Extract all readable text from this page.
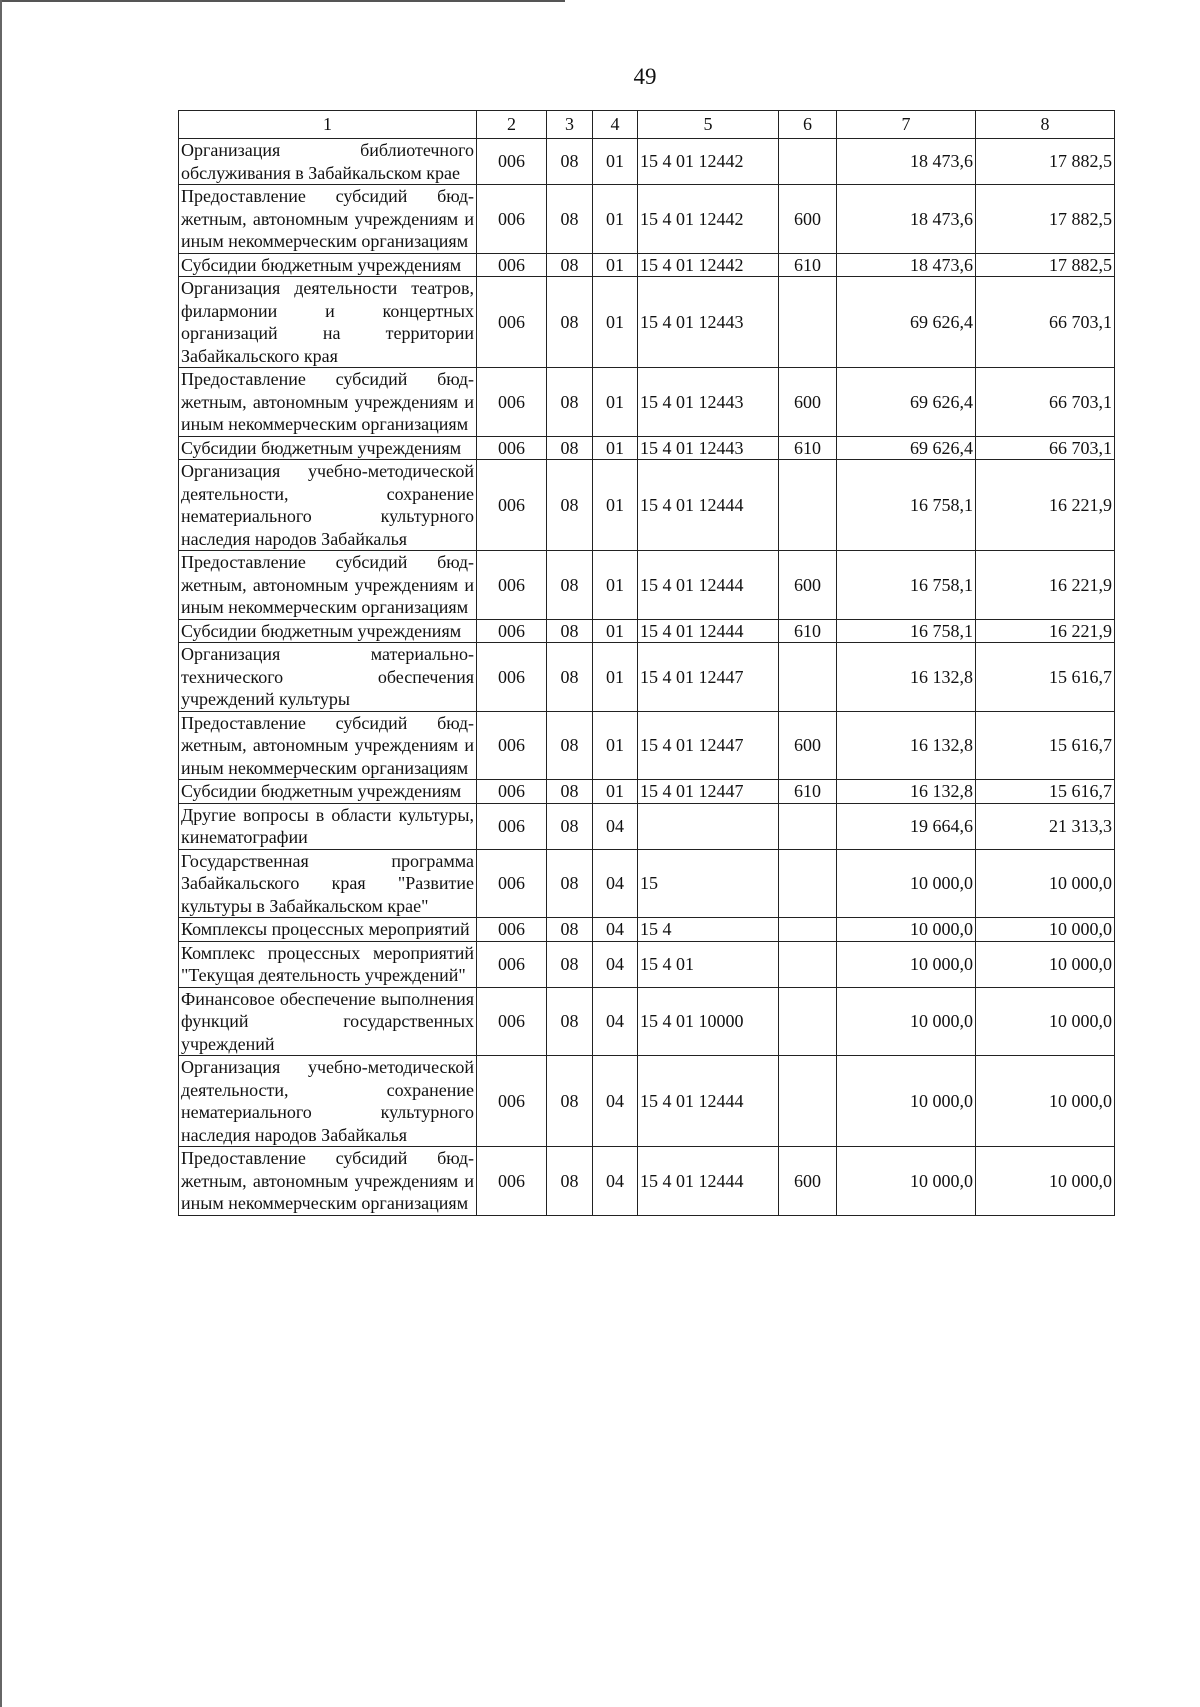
49
1	2	3	4	5	6	7	8
Организация библиотечного обслуживания в Забайкальском крае	006	08	01	15 4 01 12442		18 473,6	17 882,5
Предоставление субсидий бюджетным, автономным учреждениям и иным некоммерческим организациям	006	08	01	15 4 01 12442	600	18 473,6	17 882,5
Субсидии бюджетным учреждениям	006	08	01	15 4 01 12442	610	18 473,6	17 882,5
Организация деятельности театров, филармонии и концертных организаций на территории Забайкальского края	006	08	01	15 4 01 12443		69 626,4	66 703,1
Предоставление субсидий бюджетным, автономным учреждениям и иным некоммерческим организациям	006	08	01	15 4 01 12443	600	69 626,4	66 703,1
Субсидии бюджетным учреждениям	006	08	01	15 4 01 12443	610	69 626,4	66 703,1
Организация учебно-методической деятельности, сохранение нематериального культурного наследия народов Забайкалья	006	08	01	15 4 01 12444		16 758,1	16 221,9
Предоставление субсидий бюджетным, автономным учреждениям и иным некоммерческим организациям	006	08	01	15 4 01 12444	600	16 758,1	16 221,9
Субсидии бюджетным учреждениям	006	08	01	15 4 01 12444	610	16 758,1	16 221,9
Организация материально-технического обеспечения учреждений культуры	006	08	01	15 4 01 12447		16 132,8	15 616,7
Предоставление субсидий бюджетным, автономным учреждениям и иным некоммерческим организациям	006	08	01	15 4 01 12447	600	16 132,8	15 616,7
Субсидии бюджетным учреждениям	006	08	01	15 4 01 12447	610	16 132,8	15 616,7
Другие вопросы в области культуры, кинематографии	006	08	04			19 664,6	21 313,3
Государственная программа Забайкальского края "Развитие культуры в Забайкальском крае"	006	08	04	15		10 000,0	10 000,0
Комплексы процессных мероприятий	006	08	04	15 4		10 000,0	10 000,0
Комплекс процессных мероприятий "Текущая деятельность учреждений"	006	08	04	15 4 01		10 000,0	10 000,0
Финансовое обеспечение выполнения функций государственных учреждений	006	08	04	15 4 01 10000		10 000,0	10 000,0
Организация учебно-методической деятельности, сохранение нематериального культурного наследия народов Забайкалья	006	08	04	15 4 01 12444		10 000,0	10 000,0
Предоставление субсидий бюджетным, автономным учреждениям и иным некоммерческим организациям	006	08	04	15 4 01 12444	600	10 000,0	10 000,0
